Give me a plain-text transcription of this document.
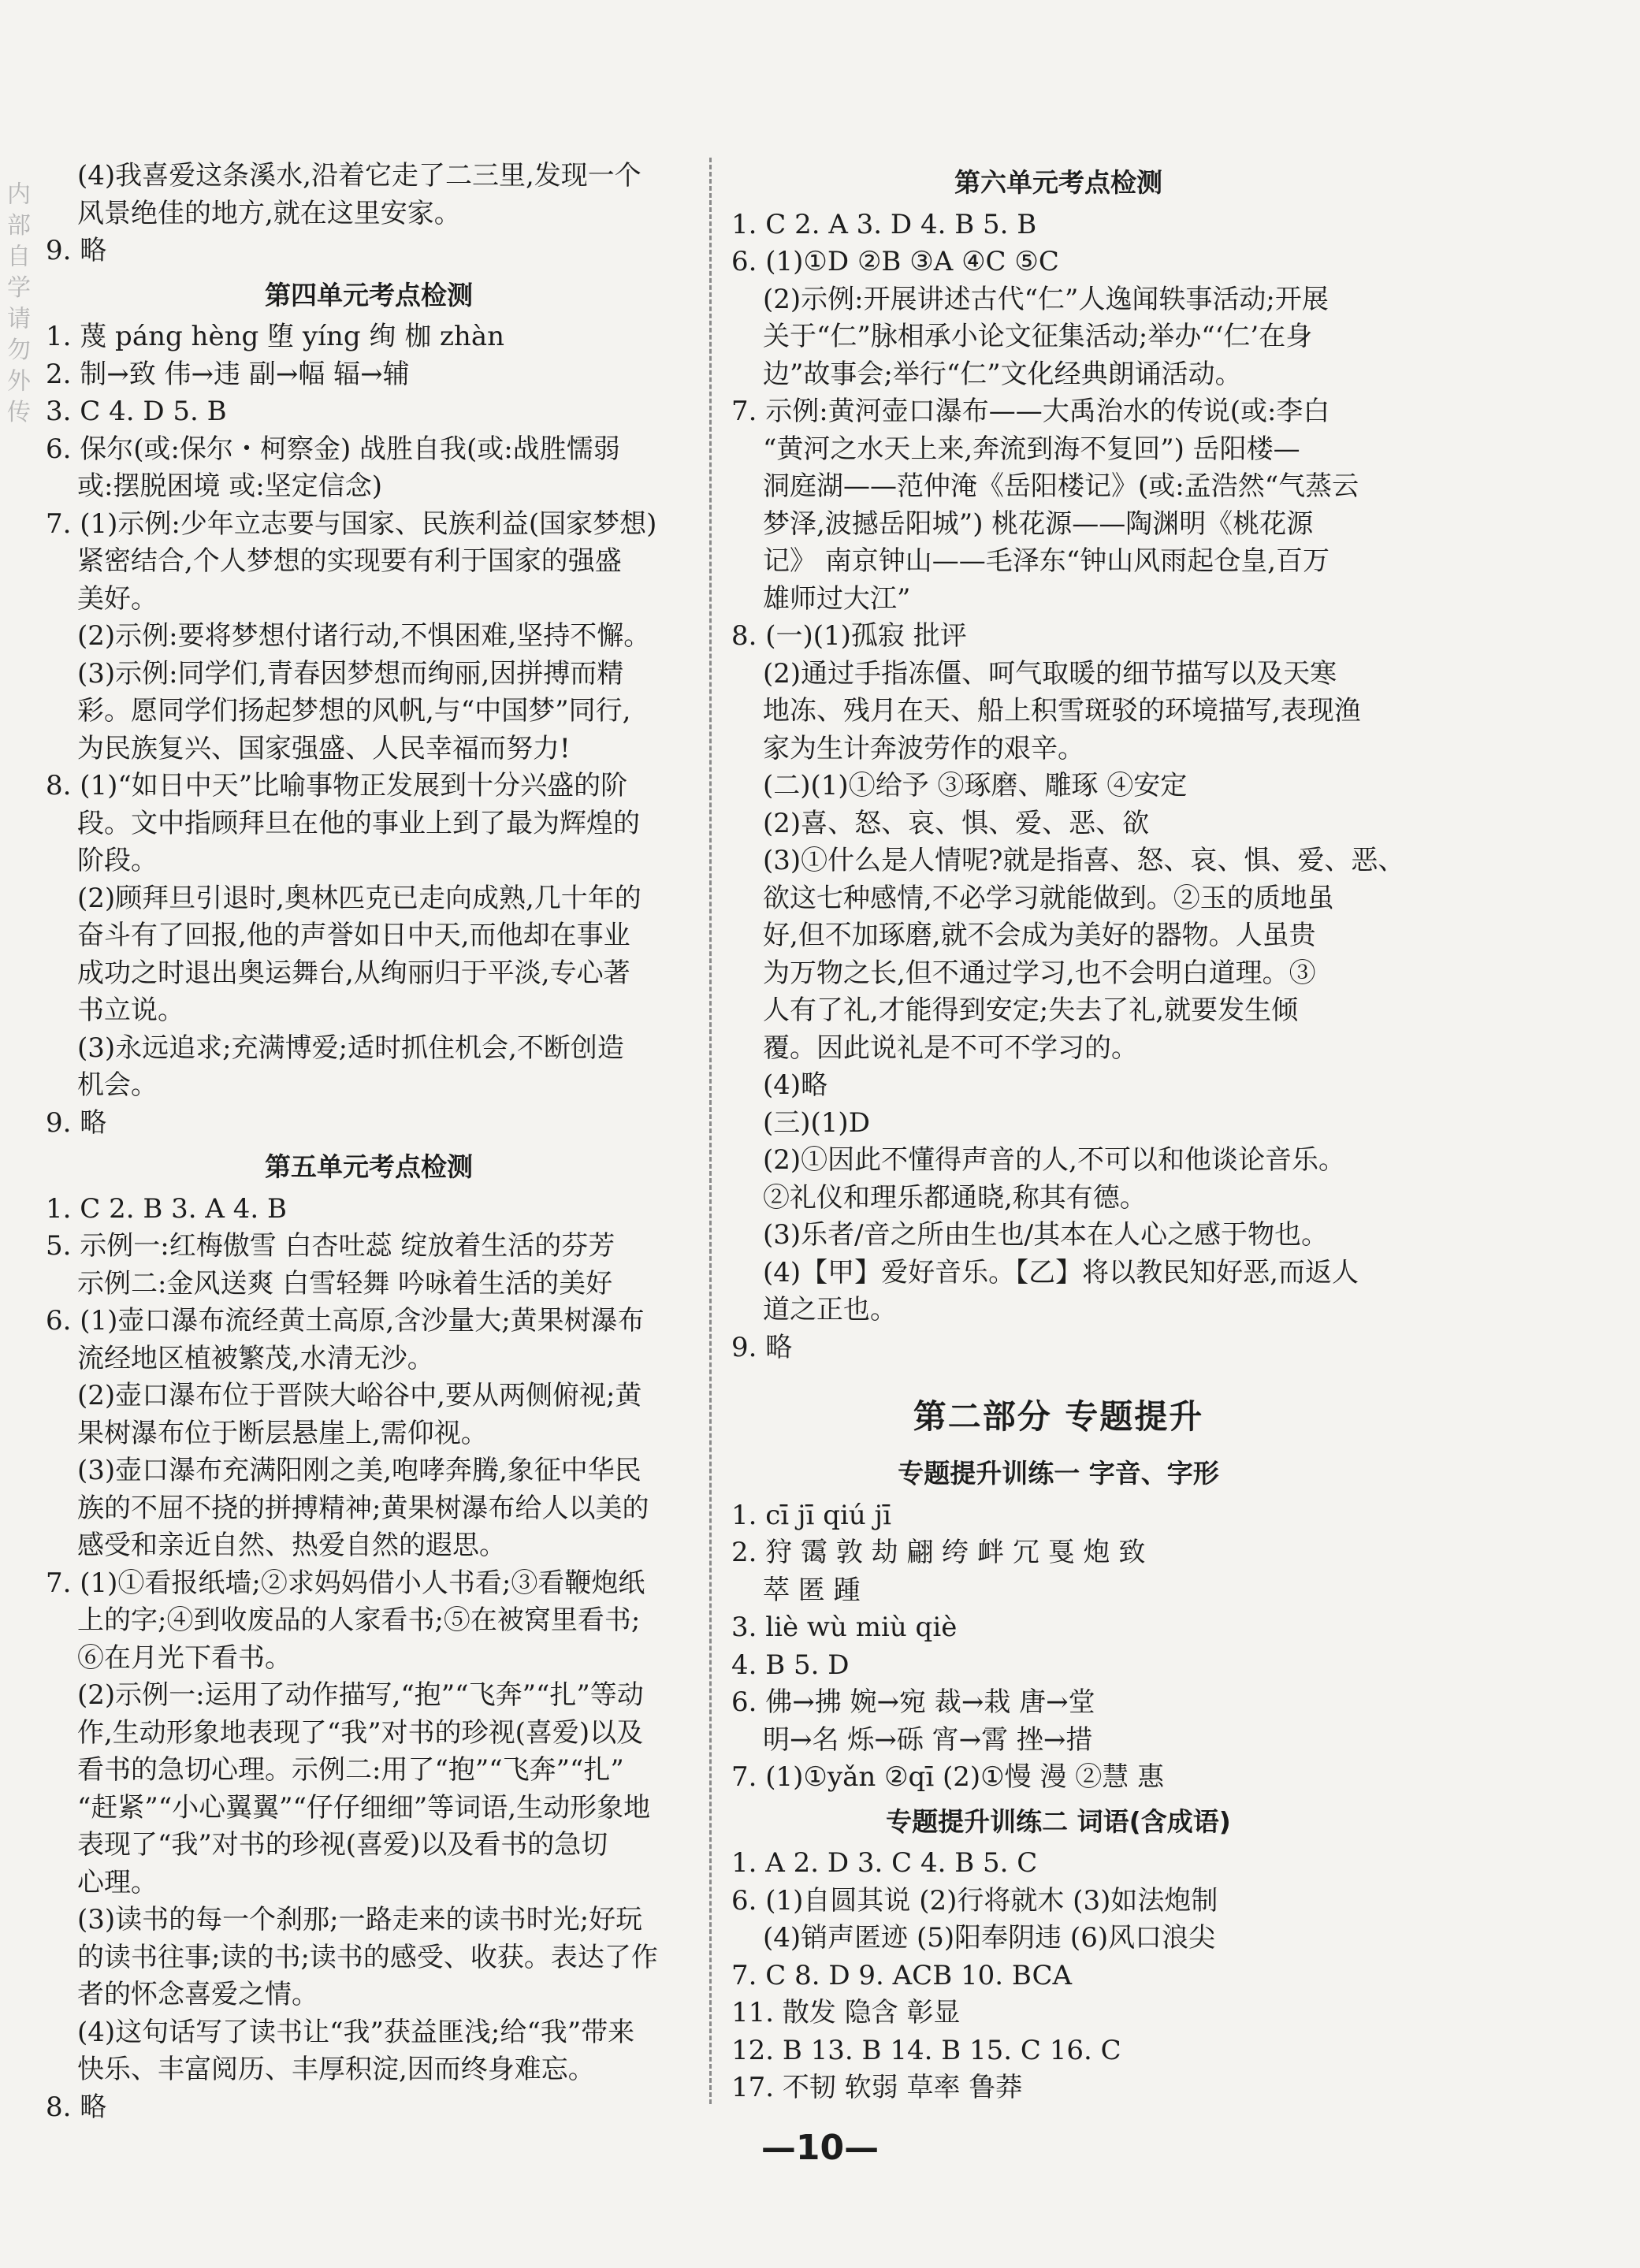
内 部 自 学 请 勿 外 传
(4)我喜爱这条溪水,沿着它走了二三里,发现一个
风景绝佳的地方,就在这里安家。
9. 略
第四单元考点检测
1. 蔑 páng hèng 堕 yíng 绚 枷 zhàn
2. 制→致 伟→违 副→幅 辐→辅
3. C 4. D 5. B
6. 保尔(或:保尔・柯察金) 战胜自我(或:战胜懦弱
或:摆脱困境 或:坚定信念)
7. (1)示例:少年立志要与国家、民族利益(国家梦想)
紧密结合,个人梦想的实现要有利于国家的强盛
美好。
(2)示例:要将梦想付诸行动,不惧困难,坚持不懈。
(3)示例:同学们,青春因梦想而绚丽,因拼搏而精
彩。愿同学们扬起梦想的风帆,与“中国梦”同行,
为民族复兴、国家强盛、人民幸福而努力!
8. (1)“如日中天”比喻事物正发展到十分兴盛的阶
段。文中指顾拜旦在他的事业上到了最为辉煌的
阶段。
(2)顾拜旦引退时,奥林匹克已走向成熟,几十年的
奋斗有了回报,他的声誉如日中天,而他却在事业
成功之时退出奥运舞台,从绚丽归于平淡,专心著
书立说。
(3)永远追求;充满博爱;适时抓住机会,不断创造
机会。
9. 略
第五单元考点检测
1. C 2. B 3. A 4. B
5. 示例一:红梅傲雪 白杏吐蕊 绽放着生活的芬芳
示例二:金风送爽 白雪轻舞 吟咏着生活的美好
6. (1)壶口瀑布流经黄土高原,含沙量大;黄果树瀑布
流经地区植被繁茂,水清无沙。
(2)壶口瀑布位于晋陕大峪谷中,要从两侧俯视;黄
果树瀑布位于断层悬崖上,需仰视。
(3)壶口瀑布充满阳刚之美,咆哮奔腾,象征中华民
族的不屈不挠的拼搏精神;黄果树瀑布给人以美的
感受和亲近自然、热爱自然的遐思。
7. (1)①看报纸墙;②求妈妈借小人书看;③看鞭炮纸
上的字;④到收废品的人家看书;⑤在被窝里看书;
⑥在月光下看书。
(2)示例一:运用了动作描写,“抱”“飞奔”“扎”等动
作,生动形象地表现了“我”对书的珍视(喜爱)以及
看书的急切心理。示例二:用了“抱”“飞奔”“扎”
“赶紧”“小心翼翼”“仔仔细细”等词语,生动形象地
表现了“我”对书的珍视(喜爱)以及看书的急切
心理。
(3)读书的每一个刹那;一路走来的读书时光;好玩
的读书往事;读的书;读书的感受、收获。表达了作
者的怀念喜爱之情。
(4)这句话写了读书让“我”获益匪浅;给“我”带来
快乐、丰富阅历、丰厚积淀,因而终身难忘。
8. 略
第六单元考点检测
1. C 2. A 3. D 4. B 5. B
6. (1)①D ②B ③A ④C ⑤C
(2)示例:开展讲述古代“仁”人逸闻轶事活动;开展
关于“仁”脉相承小论文征集活动;举办“‘仁’在身
边”故事会;举行“仁”文化经典朗诵活动。
7. 示例:黄河壶口瀑布——大禹治水的传说(或:李白
“黄河之水天上来,奔流到海不复回”) 岳阳楼—
洞庭湖——范仲淹《岳阳楼记》(或:孟浩然“气蒸云
梦泽,波撼岳阳城”) 桃花源——陶渊明《桃花源
记》 南京钟山——毛泽东“钟山风雨起仓皇,百万
雄师过大江”
8. (一)(1)孤寂 批评
(2)通过手指冻僵、呵气取暖的细节描写以及天寒
地冻、残月在天、船上积雪斑驳的环境描写,表现渔
家为生计奔波劳作的艰辛。
(二)(1)①给予 ③琢磨、雕琢 ④安定
(2)喜、怒、哀、惧、爱、恶、欲
(3)①什么是人情呢?就是指喜、怒、哀、惧、爱、恶、
欲这七种感情,不必学习就能做到。②玉的质地虽
好,但不加琢磨,就不会成为美好的器物。人虽贵
为万物之长,但不通过学习,也不会明白道理。③
人有了礼,才能得到安定;失去了礼,就要发生倾
覆。因此说礼是不可不学习的。
(4)略
(三)(1)D
(2)①因此不懂得声音的人,不可以和他谈论音乐。
②礼仪和理乐都通晓,称其有德。
(3)乐者/音之所由生也/其本在人心之感于物也。
(4)【甲】爱好音乐。【乙】将以教民知好恶,而返人
道之正也。
9. 略
第二部分 专题提升
专题提升训练一 字音、字形
1. cī jī qiú jī
2. 狩 霭 敦 劫 翩 绔 衅 冗 戛 炮 致
萃 匿 踵
3. liè wù miù qiè
4. B 5. D
6. 佛→拂 婉→宛 裁→栽 唐→堂
明→名 烁→砾 宵→霄 挫→措
7. (1)①yǎn ②qī (2)①慢 漫 ②慧 惠
专题提升训练二 词语(含成语)
1. A 2. D 3. C 4. B 5. C
6. (1)自圆其说 (2)行将就木 (3)如法炮制
(4)销声匿迹 (5)阳奉阴违 (6)风口浪尖
7. C 8. D 9. ACB 10. BCA
11. 散发 隐含 彰显
12. B 13. B 14. B 15. C 16. C
17. 不韧 软弱 草率 鲁莽
—10—
